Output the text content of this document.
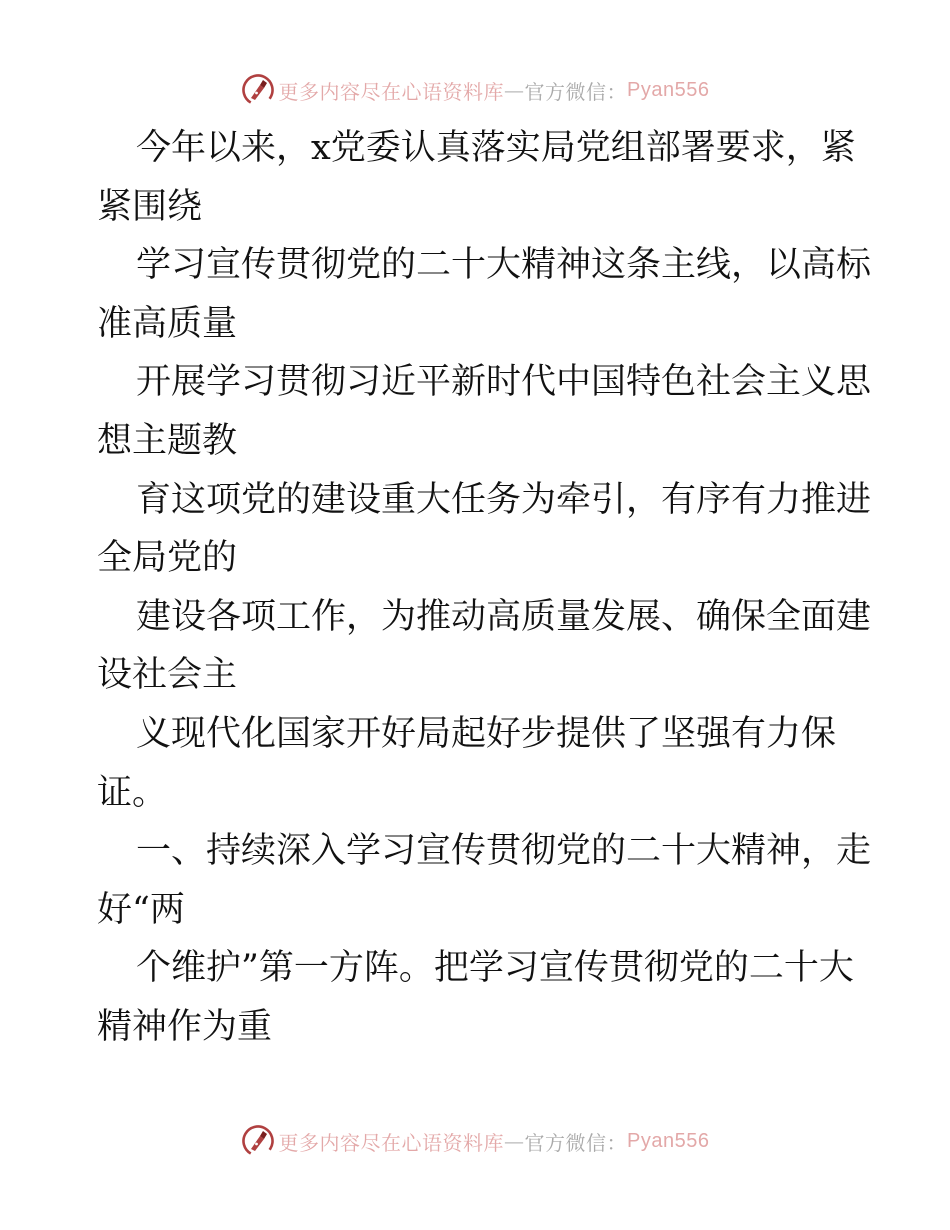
更多内容尽在心语资料库 — 官方微信： Pyan556
今年以来，x党委认真落实局党组部署要求，紧
紧围绕
学习宣传贯彻党的二十大精神这条主线，以高标
准高质量
开展学习贯彻习近平新时代中国特色社会主义思
想主题教
育这项党的建设重大任务为牵引，有序有力推进
全局党的
建设各项工作，为推动高质量发展、确保全面建
设社会主
义现代化国家开好局起好步提供了坚强有力保
证。
一、持续深入学习宣传贯彻党的二十大精神，走
好“两
个维护”第一方阵。把学习宣传贯彻党的二十大
精神作为重
更多内容尽在心语资料库 — 官方微信： Pyan556
